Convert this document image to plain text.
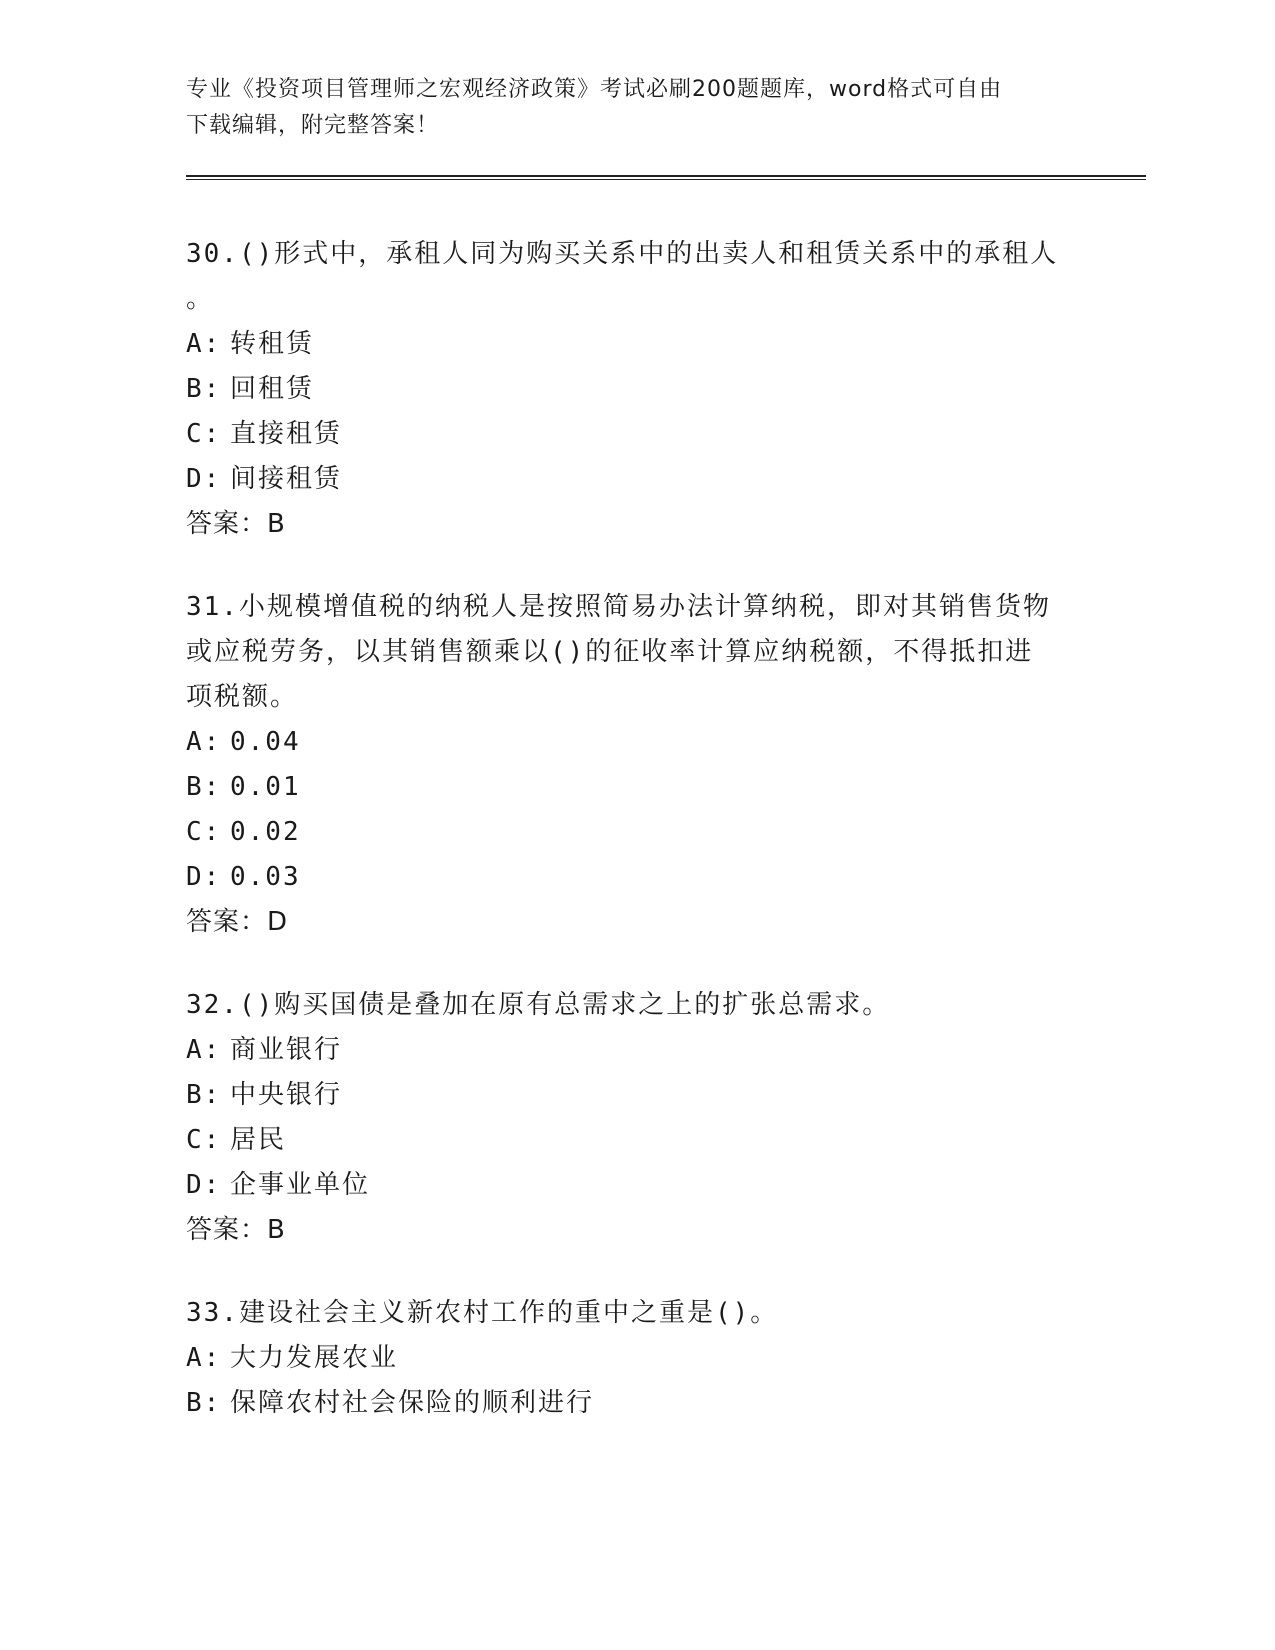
专业《投资项目管理师之宏观经济政策》考试必刷200题题库，word格式可自由
下载编辑，附完整答案！

30.()形式中，承租人同为购买关系中的出卖人和租赁关系中的承租人

。

A: 转租赁

B: 回租赁

C: 直接租赁

D: 间接租赁

答案：B

31.小规模增值税的纳税人是按照简易办法计算纳税，即对其销售货物

或应税劳务，以其销售额乘以()的征收率计算应纳税额，不得抵扣进

项税额。

A: 0.04

B: 0.01

C: 0.02

D: 0.03

答案：D

32.()购买国债是叠加在原有总需求之上的扩张总需求。

A: 商业银行

B: 中央银行

C: 居民

D: 企事业单位

答案：B

33.建设社会主义新农村工作的重中之重是()。

A: 大力发展农业

B: 保障农村社会保险的顺利进行
